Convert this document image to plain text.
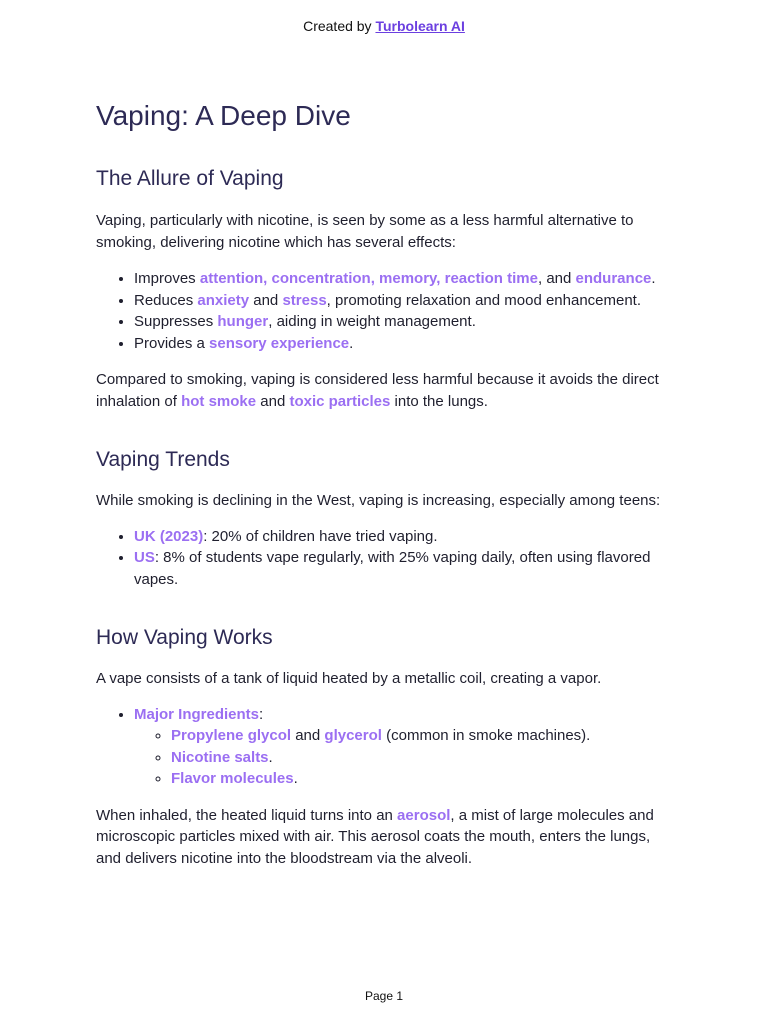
Created by Turbolearn AI
Vaping: A Deep Dive
The Allure of Vaping

Vaping, particularly with nicotine, is seen by some as a less harmful alternative to smoking, delivering nicotine which has several effects:

• Improves attention, concentration, memory, reaction time, and endurance.
• Reduces anxiety and stress, promoting relaxation and mood enhancement.
• Suppresses hunger, aiding in weight management.
• Provides a sensory experience.

Compared to smoking, vaping is considered less harmful because it avoids the direct inhalation of hot smoke and toxic particles into the lungs.

Vaping Trends

While smoking is declining in the West, vaping is increasing, especially among teens:

• UK (2023): 20% of children have tried vaping.
• US: 8% of students vape regularly, with 25% vaping daily, often using flavored vapes.
How Vaping Works

A vape consists of a tank of liquid heated by a metallic coil, creating a vapor.

• Major Ingredients:
◦ Propylene glycol and glycerol (common in smoke machines).
◦ Nicotine salts.
◦ Flavor molecules.

When inhaled, the heated liquid turns into an aerosol, a mist of large molecules and microscopic particles mixed with air. This aerosol coats the mouth, enters the lungs, and delivers nicotine into the bloodstream via the alveoli.

Page 1
